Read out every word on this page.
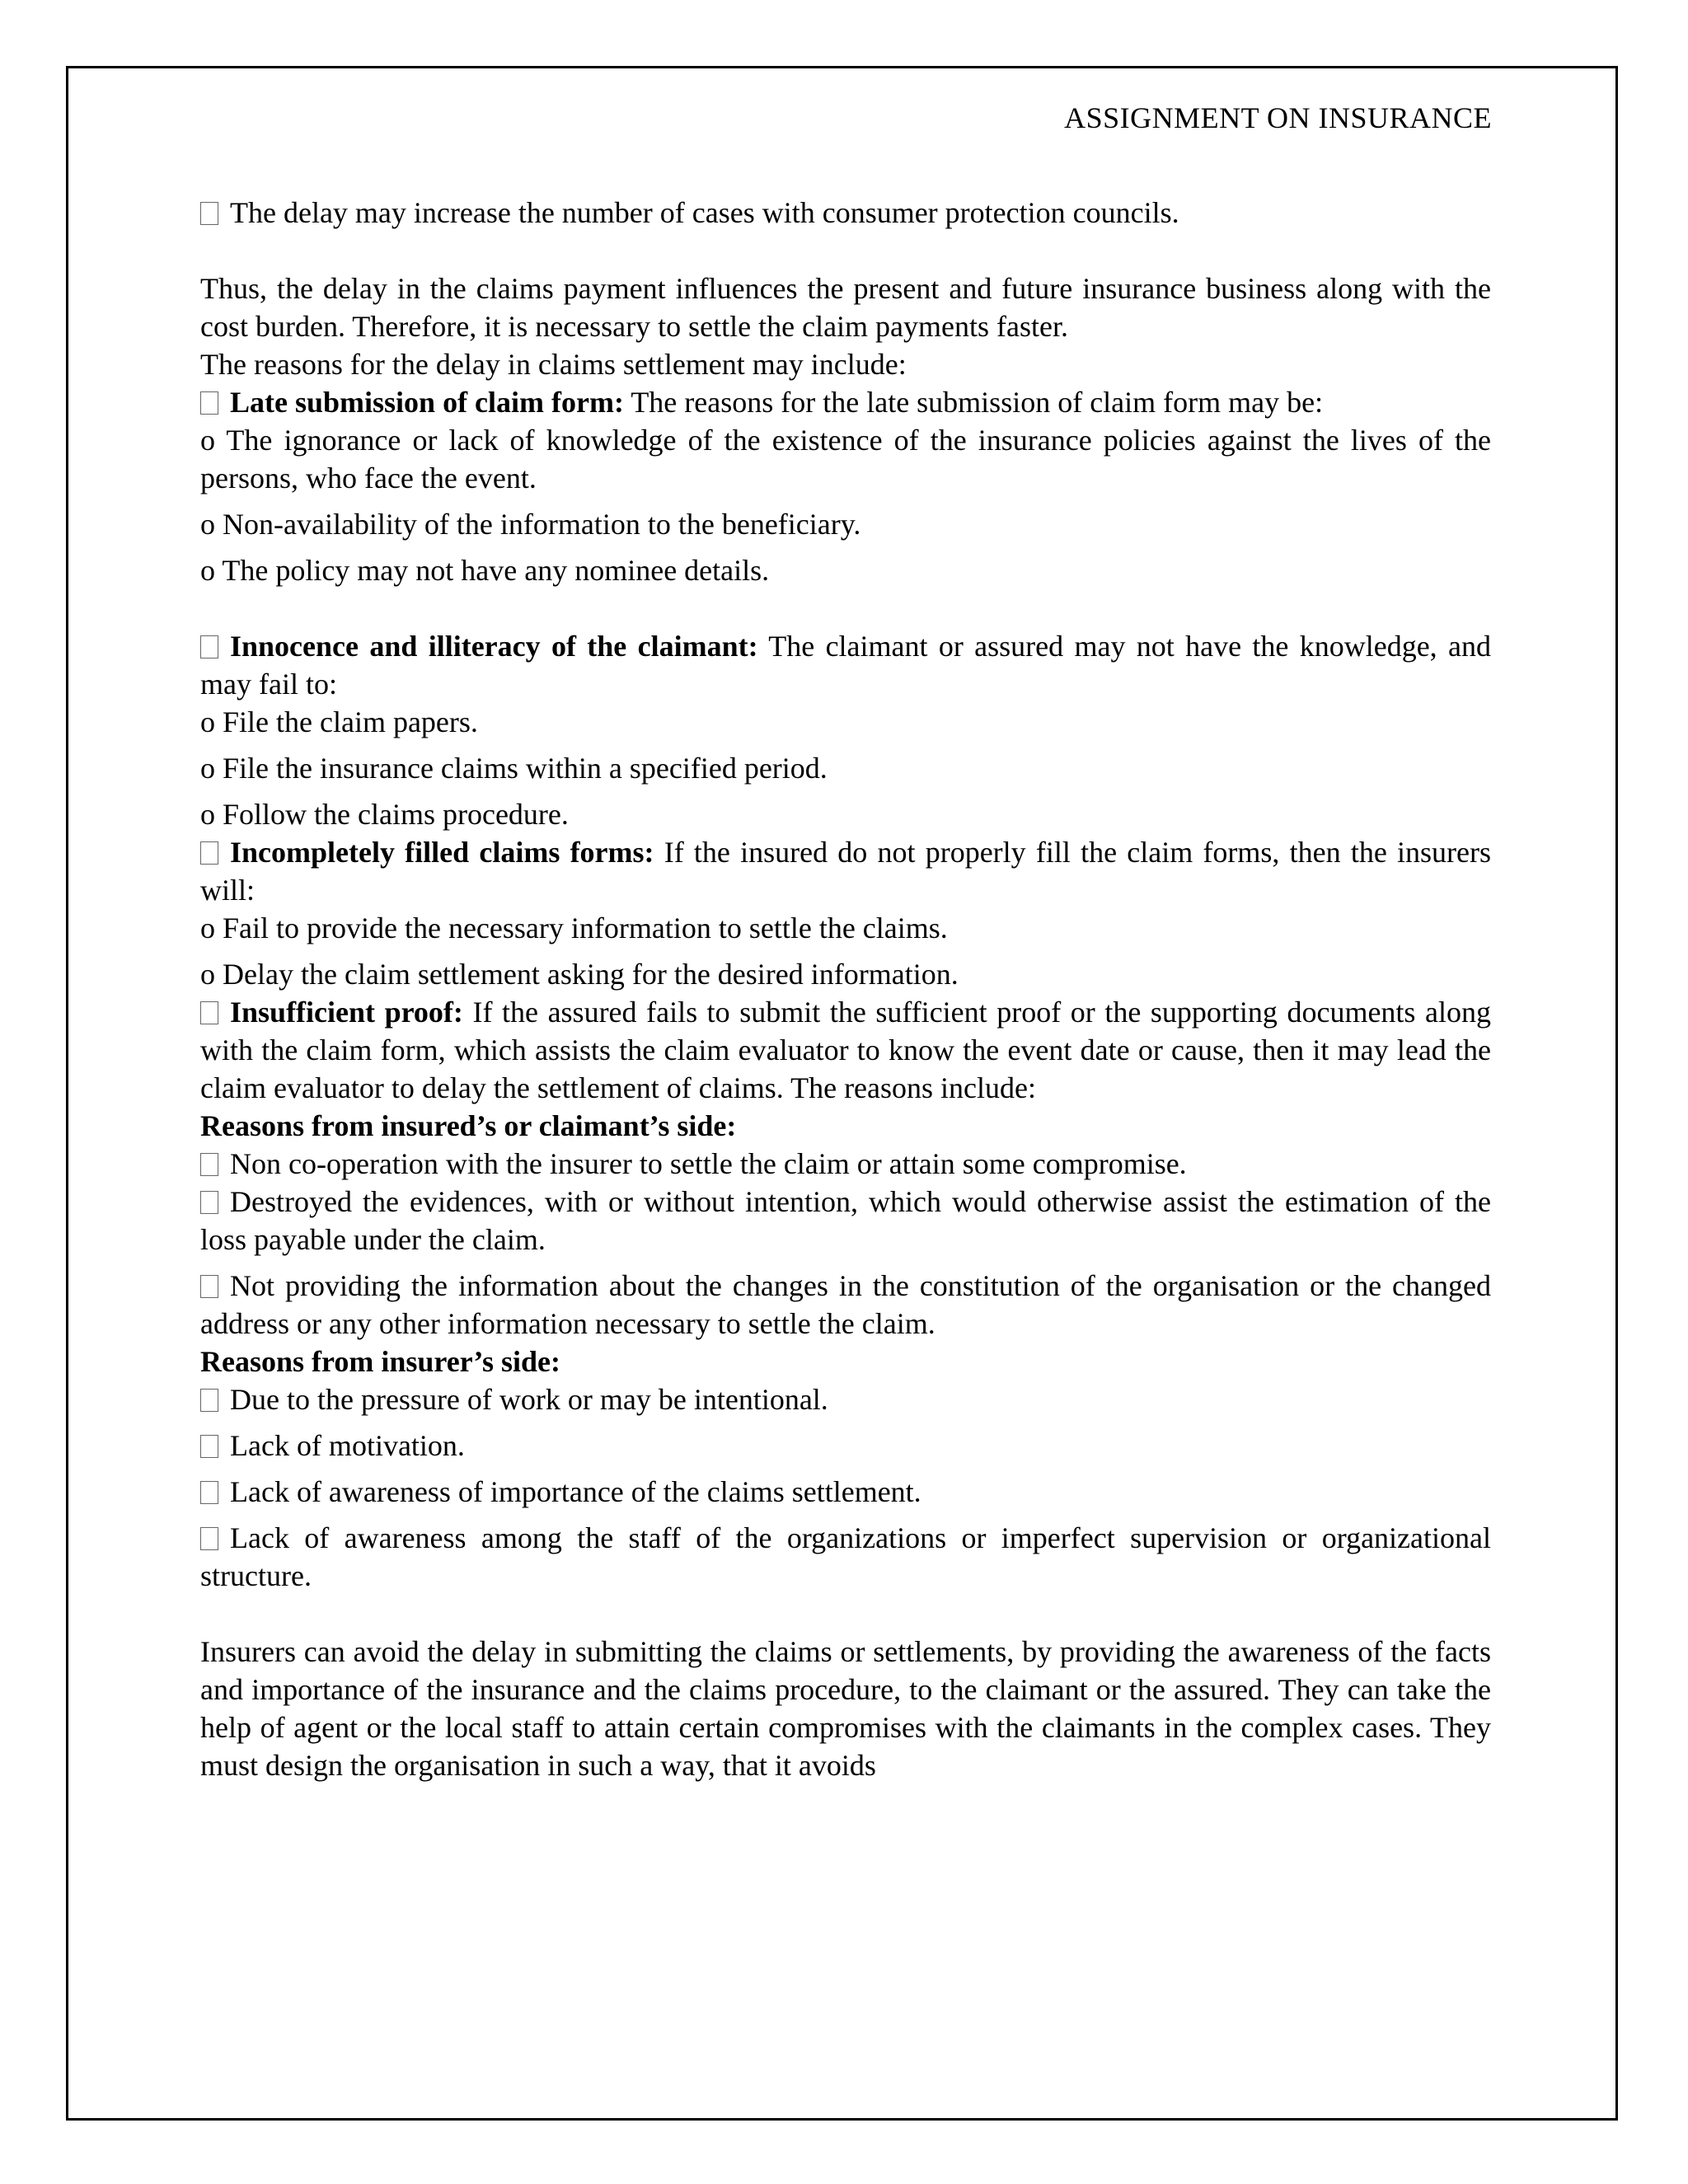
ASSIGNMENT ON INSURANCE

The delay may increase the number of cases with consumer protection councils.

Thus, the delay in the claims payment influences the present and future insurance business along with the cost burden. Therefore, it is necessary to settle the claim payments faster.

The reasons for the delay in claims settlement may include:

Late submission of claim form: The reasons for the late submission of claim form may be:

o The ignorance or lack of knowledge of the existence of the insurance policies against the lives of the persons, who face the event.

o Non-availability of the information to the beneficiary.

o The policy may not have any nominee details.

Innocence and illiteracy of the claimant: The claimant or assured may not have the knowledge, and may fail to:

o File the claim papers.

o File the insurance claims within a specified period.

o Follow the claims procedure.

Incompletely filled claims forms: If the insured do not properly fill the claim forms, then the insurers will:

o Fail to provide the necessary information to settle the claims.

o Delay the claim settlement asking for the desired information.

Insufficient proof: If the assured fails to submit the sufficient proof or the supporting documents along with the claim form, which assists the claim evaluator to know the event date or cause, then it may lead the claim evaluator to delay the settlement of claims. The reasons include:

Reasons from insured’s or claimant’s side:

Non co-operation with the insurer to settle the claim or attain some compromise.

Destroyed the evidences, with or without intention, which would otherwise assist the estimation of the loss payable under the claim.

Not providing the information about the changes in the constitution of the organisation or the changed address or any other information necessary to settle the claim.

Reasons from insurer’s side:

Due to the pressure of work or may be intentional.

Lack of motivation.

Lack of awareness of importance of the claims settlement.

Lack of awareness among the staff of the organizations or imperfect supervision or organizational structure.

Insurers can avoid the delay in submitting the claims or settlements, by providing the awareness of the facts and importance of the insurance and the claims procedure, to the claimant or the assured. They can take the help of agent or the local staff to attain certain compromises with the claimants in the complex cases. They must design the organisation in such a way, that it avoids
